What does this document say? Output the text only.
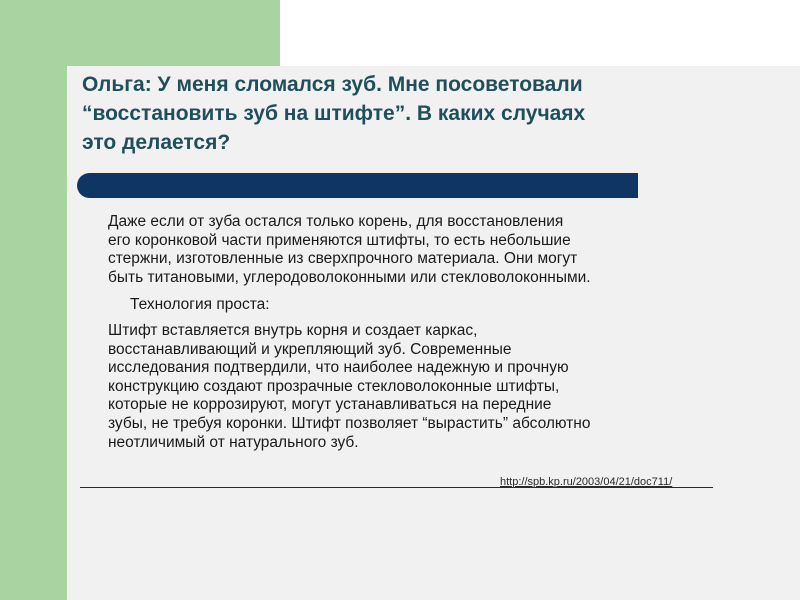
Ольга: У меня сломался зуб. Мне посоветовали
“восстановить зуб на штифте”. В каких случаях
это делается?
Даже если от зуба остался только корень, для восстановления
его коронковой части применяются штифты, то есть небольшие
стержни, изготовленные из сверхпрочного материала. Они могут
быть титановыми, углеродоволоконными или стекловолоконными.
Технология проста:
Штифт вставляется внутрь корня и создает каркас,
восстанавливающий и укрепляющий зуб. Современные
исследования подтвердили, что наиболее надежную и прочную
конструкцию создают прозрачные стекловолоконные штифты,
которые не коррозируют, могут устанавливаться на передние
зубы, не требуя коронки. Штифт позволяет “вырастить” абсолютно
неотличимый от натурального зуб.
http://spb.kp.ru/2003/04/21/doc711/
